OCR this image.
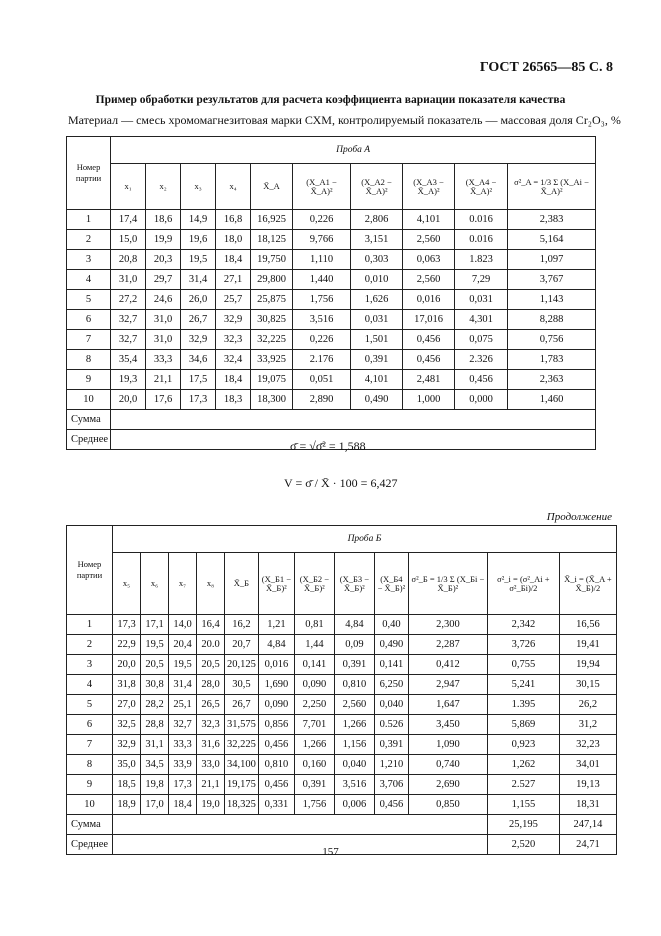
ГОСТ 26565—85 С. 8
Пример обработки результатов для расчета коэффициента вариации показателя качества
Материал — смесь хромомагнезитовая марки СХМ, контролируемый показатель — массовая доля Cr₂O₃, %
Номер партии	Проба А									
	x₁	x₂	x₃	x₄	X̄_A	(X_A1 − X̄_A)²	(X_A2 − X̄_A)²	(X_A3 − X̄_A)²	(X_A4 − X̄_A)²	σ²_A = 1/3 Σ (X_Ai − X̄_A)²
1	17,4	18,6	14,9	16,8	16,925	0,226	2,806	4,101	0.016	2,383
2	15,0	19,9	19,6	18,0	18,125	9,766	3,151	2,560	0.016	5,164
3	20,8	20,3	19,5	18,4	19,750	1,110	0,303	0,063	1.823	1,097
4	31,0	29,7	31,4	27,1	29,800	1,440	0,010	2,560	7,29	3,767
5	27,2	24,6	26,0	25,7	25,875	1,756	1,626	0,016	0,031	1,143
6	32,7	31,0	26,7	32,9	30,825	3,516	0,031	17,016	4,301	8,288
7	32,7	31,0	32,9	32,3	32,225	0,226	1,501	0,456	0,075	0,756
8	35,4	33,3	34,6	32,4	33,925	2.176	0,391	0,456	2.326	1,783
9	19,3	21,1	17,5	18,4	19,075	0,051	4,101	2,481	0,456	2,363
10	20,0	17,6	17,3	18,3	18,300	2,890	0,490	1,000	0,000	1,460
Сумма										
Среднее											σ̄ = √σ̄² = 1,588
V = σ̄ / X̄ · 100 = 6,427
Продолжение
Номер партии	Проба Б											
	x₅	x₆	x₇	x₈	X̄_Б	(X_Б1 − X̄_Б)²	(X_Б2 − X̄_Б)²	(X_Б3 − X̄_Б)²	(X_Б4 − X̄_Б)²	σ²_Б = 1/3 Σ (X_Бi − X̄_Б)²	σ²_i = (σ²_Ai + σ²_Бi)/2	X̄_i = (X̄_A + X̄_Б)/2
1	17,3	17,1	14,0	16,4	16,2	1,21	0,81	4,84	0,40	2,300	2,342	16,56
2	22,9	19,5	20,4	20.0	20,7	4,84	1,44	0,09	0,490	2,287	3,726	19,41
3	20,0	20,5	19,5	20,5	20,125	0,016	0,141	0,391	0,141	0,412	0,755	19,94
4	31,8	30,8	31,4	28,0	30,5	1,690	0,090	0,810	6,250	2,947	5,241	30,15
5	27,0	28,2	25,1	26,5	26,7	0,090	2,250	2,560	0,040	1,647	1.395	26,2
6	32,5	28,8	32,7	32,3	31,575	0,856	7,701	1,266	0.526	3,450	5,869	31,2
7	32,9	31,1	33,3	31,6	32,225	0,456	1,266	1,156	0,391	1,090	0,923	32,23
8	35,0	34,5	33,9	33,0	34,100	0,810	0,160	0,040	1,210	0,740	1,262	34,01
9	18,5	19,8	17,3	21,1	19,175	0,456	0,391	3,516	3,706	2,690	2.527	19,13
10	18,9	17,0	18,4	19,0	18,325	0,331	1,756	0,006	0,456	0,850	1,155	18,31
Сумма											25,195	247,14
Среднее											2,520	24,71
157
